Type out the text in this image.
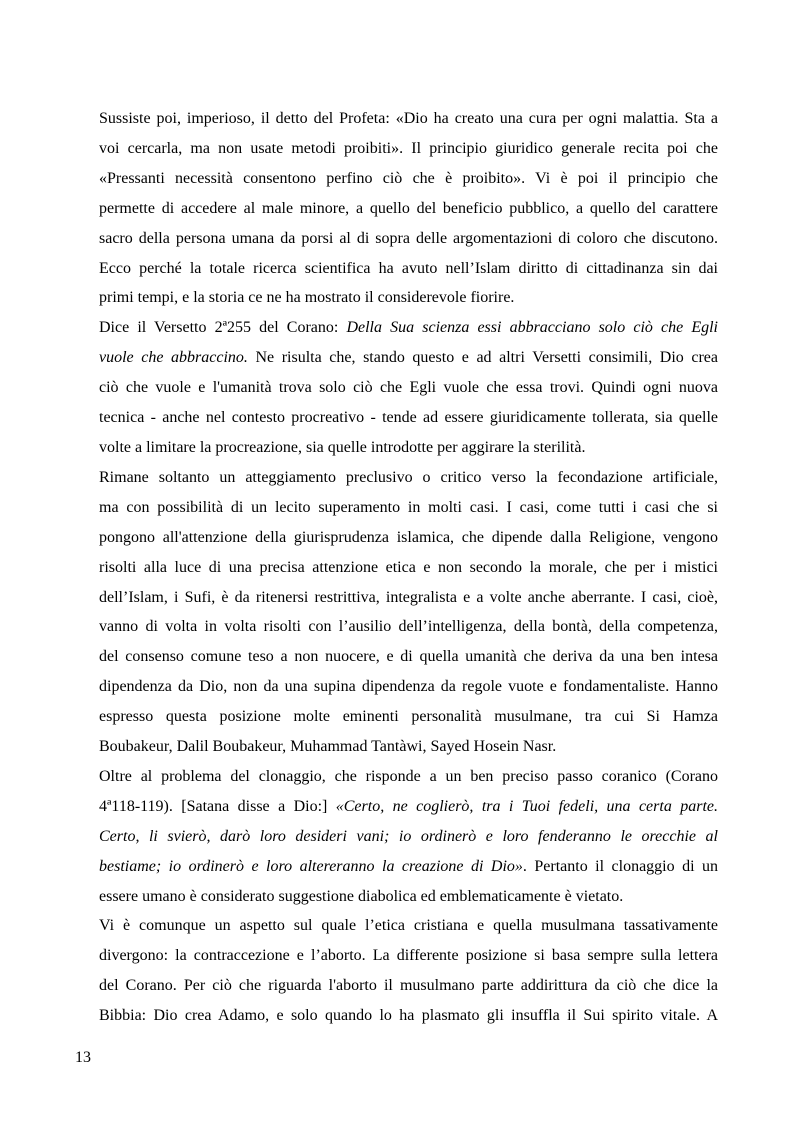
Sussiste poi, imperioso, il detto del Profeta: «Dio ha creato una cura per ogni malattia. Sta a
voi cercarla, ma non usate metodi proibiti». Il principio giuridico generale recita poi che
«Pressanti necessità consentono perfino ciò che è proibito». Vi è poi il principio che
permette di accedere al male minore, a quello del beneficio pubblico, a quello del carattere
sacro della persona umana da porsi al di sopra delle argomentazioni di coloro che discutono.
Ecco perché la totale ricerca scientifica ha avuto nell’Islam diritto di cittadinanza sin dai
primi tempi, e la storia ce ne ha mostrato il considerevole fiorire.
Dice il Versetto 2ª255 del Corano: Della Sua scienza essi abbracciano solo ciò che Egli
vuole che abbraccino. Ne risulta che, stando questo e ad altri Versetti consimili, Dio crea
ciò che vuole e l'umanità trova solo ciò che Egli vuole che essa trovi. Quindi ogni nuova
tecnica - anche nel contesto procreativo - tende ad essere giuridicamente tollerata, sia quelle
volte a limitare la procreazione, sia quelle introdotte per aggirare la sterilità.
Rimane soltanto un atteggiamento preclusivo o critico verso la fecondazione artificiale,
ma con possibilità di un lecito superamento in molti casi. I casi, come tutti i casi che si
pongono all'attenzione della giurisprudenza islamica, che dipende dalla Religione, vengono
risolti alla luce di una precisa attenzione etica e non secondo la morale, che per i mistici
dell’Islam, i Sufi, è da ritenersi restrittiva, integralista e a volte anche aberrante. I casi, cioè,
vanno di volta in volta risolti con l’ausilio dell’intelligenza, della bontà, della competenza,
del consenso comune teso a non nuocere, e di quella umanità che deriva da una ben intesa
dipendenza da Dio, non da una supina dipendenza da regole vuote e fondamentaliste. Hanno
espresso questa posizione molte eminenti personalità musulmane, tra cui Si Hamza
Boubakeur, Dalil Boubakeur, Muhammad Tantàwi, Sayed Hosein Nasr.
Oltre al problema del clonaggio, che risponde a un ben preciso passo coranico (Corano
4ª118-119). [Satana disse a Dio:] «Certo, ne coglierò, tra i Tuoi fedeli, una certa parte.
Certo, li svierò, darò loro desideri vani; io ordinerò e loro fenderanno le orecchie al
bestiame; io ordinerò e loro altereranno la creazione di Dio». Pertanto il clonaggio di un
essere umano è considerato suggestione diabolica ed emblematicamente è vietato.
Vi è comunque un aspetto sul quale l’etica cristiana e quella musulmana tassativamente
divergono: la contraccezione e l’aborto. La differente posizione si basa sempre sulla lettera
del Corano. Per ciò che riguarda l'aborto il musulmano parte addirittura da ciò che dice la
Bibbia: Dio crea Adamo, e solo quando lo ha plasmato gli insuffla il Sui spirito vitale. A
13
